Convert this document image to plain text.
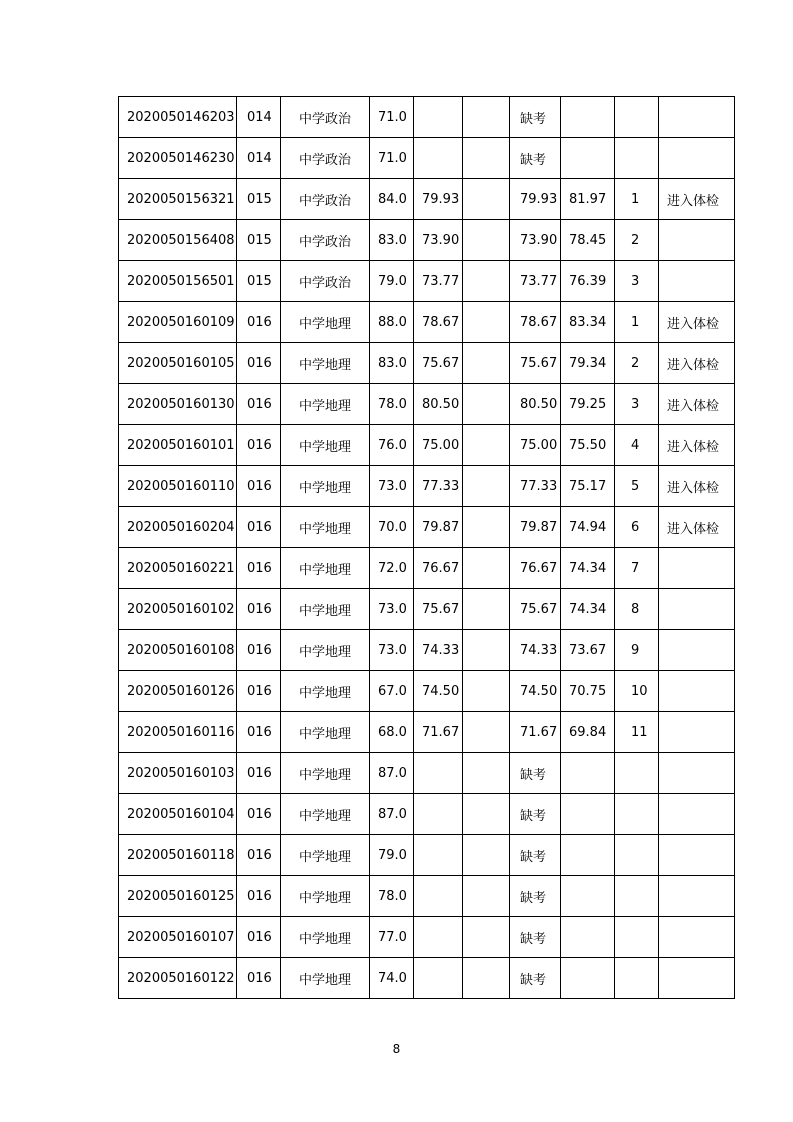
2020050146203	014	中学政治	71.0			缺考			
2020050146230	014	中学政治	71.0			缺考			
2020050156321	015	中学政治	84.0	79.93		79.93	81.97	1	进入体检
2020050156408	015	中学政治	83.0	73.90		73.90	78.45	2	
2020050156501	015	中学政治	79.0	73.77		73.77	76.39	3	
2020050160109	016	中学地理	88.0	78.67		78.67	83.34	1	进入体检
2020050160105	016	中学地理	83.0	75.67		75.67	79.34	2	进入体检
2020050160130	016	中学地理	78.0	80.50		80.50	79.25	3	进入体检
2020050160101	016	中学地理	76.0	75.00		75.00	75.50	4	进入体检
2020050160110	016	中学地理	73.0	77.33		77.33	75.17	5	进入体检
2020050160204	016	中学地理	70.0	79.87		79.87	74.94	6	进入体检
2020050160221	016	中学地理	72.0	76.67		76.67	74.34	7	
2020050160102	016	中学地理	73.0	75.67		75.67	74.34	8	
2020050160108	016	中学地理	73.0	74.33		74.33	73.67	9	
2020050160126	016	中学地理	67.0	74.50		74.50	70.75	10	
2020050160116	016	中学地理	68.0	71.67		71.67	69.84	11	
2020050160103	016	中学地理	87.0			缺考			
2020050160104	016	中学地理	87.0			缺考			
2020050160118	016	中学地理	79.0			缺考			
2020050160125	016	中学地理	78.0			缺考			
2020050160107	016	中学地理	77.0			缺考			
2020050160122	016	中学地理	74.0			缺考			
8
